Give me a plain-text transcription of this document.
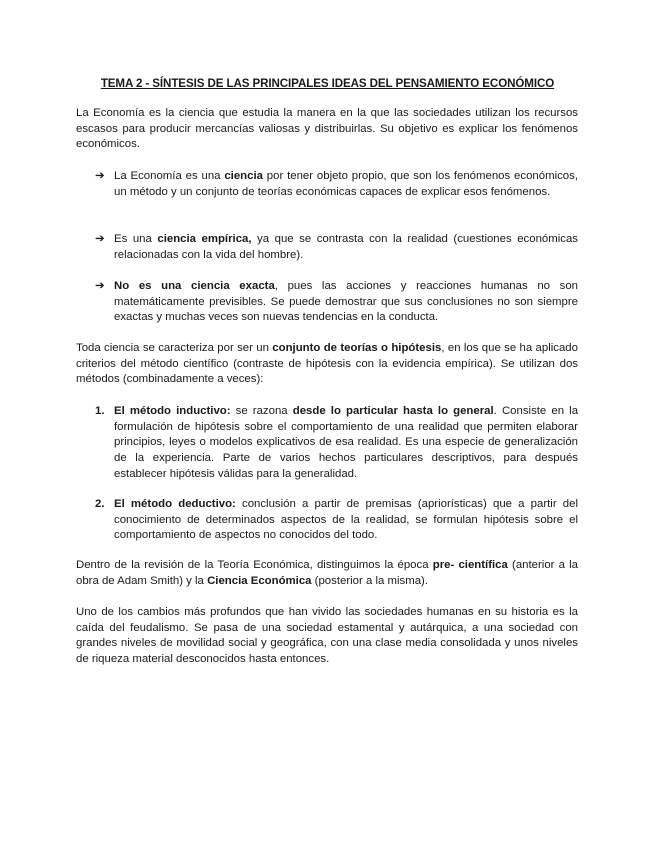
TEMA 2 - SÍNTESIS DE LAS PRINCIPALES IDEAS DEL PENSAMIENTO ECONÓMICO

La Economía es la ciencia que estudia la manera en la que las sociedades utilizan los recursos escasos para producir mercancías valiosas y distribuirlas. Su objetivo es explicar los fenómenos económicos.

➔ La Economía es una ciencia por tener objeto propio, que son los fenómenos económicos, un método y un conjunto de teorías económicas capaces de explicar esos fenómenos.
➔ Es una ciencia empírica, ya que se contrasta con la realidad (cuestiones económicas relacionadas con la vida del hombre).
➔ No es una ciencia exacta, pues las acciones y reacciones humanas no son matemáticamente previsibles. Se puede demostrar que sus conclusiones no son siempre exactas y muchas veces son nuevas tendencias en la conducta.

Toda ciencia se caracteriza por ser un conjunto de teorías o hipótesis, en los que se ha aplicado criterios del método científico (contraste de hipótesis con la evidencia empírica). Se utilizan dos métodos (combinadamente a veces):

1. El método inductivo: se razona desde lo particular hasta lo general. Consiste en la formulación de hipótesis sobre el comportamiento de una realidad que permiten elaborar principios, leyes o modelos explicativos de esa realidad. Es una especie de generalización de la experiencia. Parte de varios hechos particulares descriptivos, para después establecer hipótesis válidas para la generalidad.
2. El método deductivo: conclusión a partir de premisas (apriorísticas) que a partir del conocimiento de determinados aspectos de la realidad, se formulan hipótesis sobre el comportamiento de aspectos no conocidos del todo.

Dentro de la revisión de la Teoría Económica, distinguimos la época pre- científica (anterior a la obra de Adam Smith) y la Ciencia Económica (posterior a la misma).

Uno de los cambios más profundos que han vivido las sociedades humanas en su historia es la caída del feudalismo. Se pasa de una sociedad estamental y autárquica, a una sociedad con grandes niveles de movilidad social y geográfica, con una clase media consolidada y unos niveles de riqueza material desconocidos hasta entonces.
